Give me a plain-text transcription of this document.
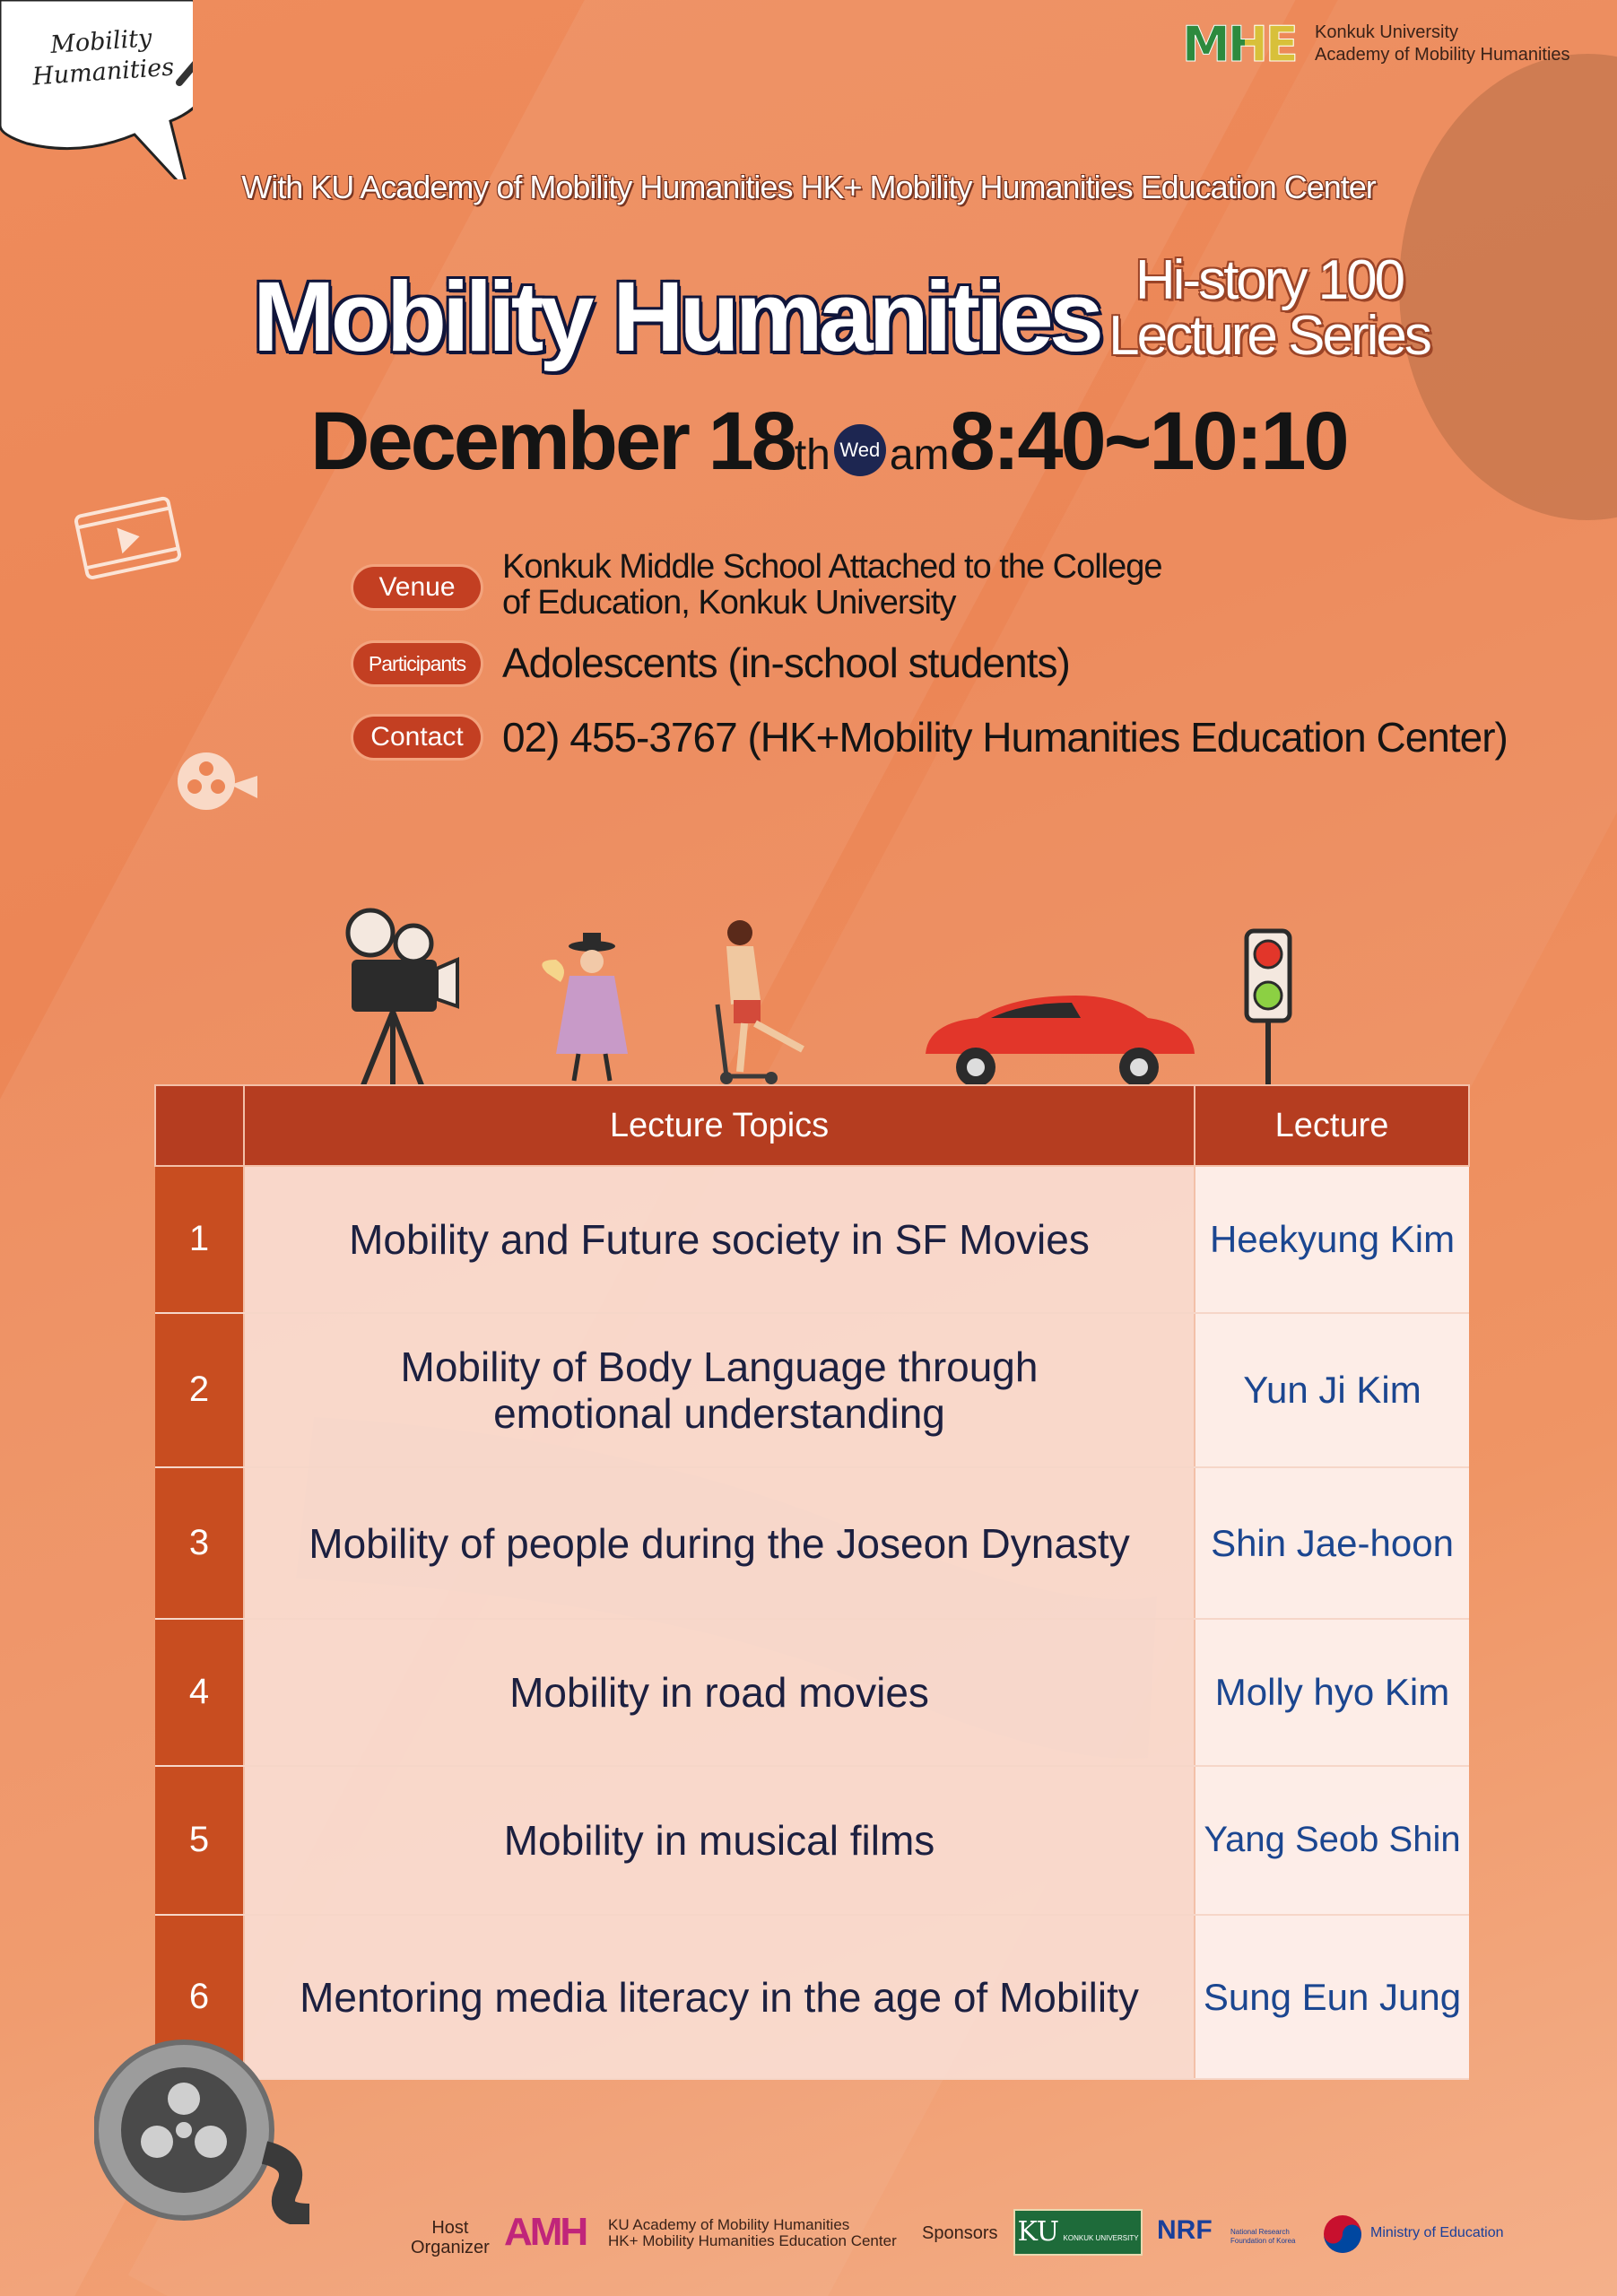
Mobility Humanities	MHE Konkuk University
Academy of Mobility Humanities
With KU Academy of Mobility Humanities HK+ Mobility Humanities Education Center
Mobility Humanities Hi-story 100
Lecture Series
December 18th Wed am8:40~10:10
Venue
Konkuk Middle School Attached to the College
of Education, Konkuk University
Participants Adolescents (in-school students)
Contact 02) 455-3767 (HK+Mobility Humanities Education Center)
	Lecture Topics	Lecture
1	Mobility and Future society in SF Movies	Heekyung Kim
2	Mobility of Body Language through emotional understanding	Yun Ji Kim
3	Mobility of people during the Joseon Dynasty	Shin Jae-hoon
4	Mobility in road movies	Molly hyo Kim
5	Mobility in musical films	Yang Seob Shin
6	Mentoring media literacy in the age of Mobility	Sung Eun Jung
Host
Organizer AMH KU Academy of Mobility Humanities
HK+ Mobility Humanities Education Center Sponsors KU KONKUK UNIVERSITY NRF	National Research
Foundation of Korea
Ministry of Education
